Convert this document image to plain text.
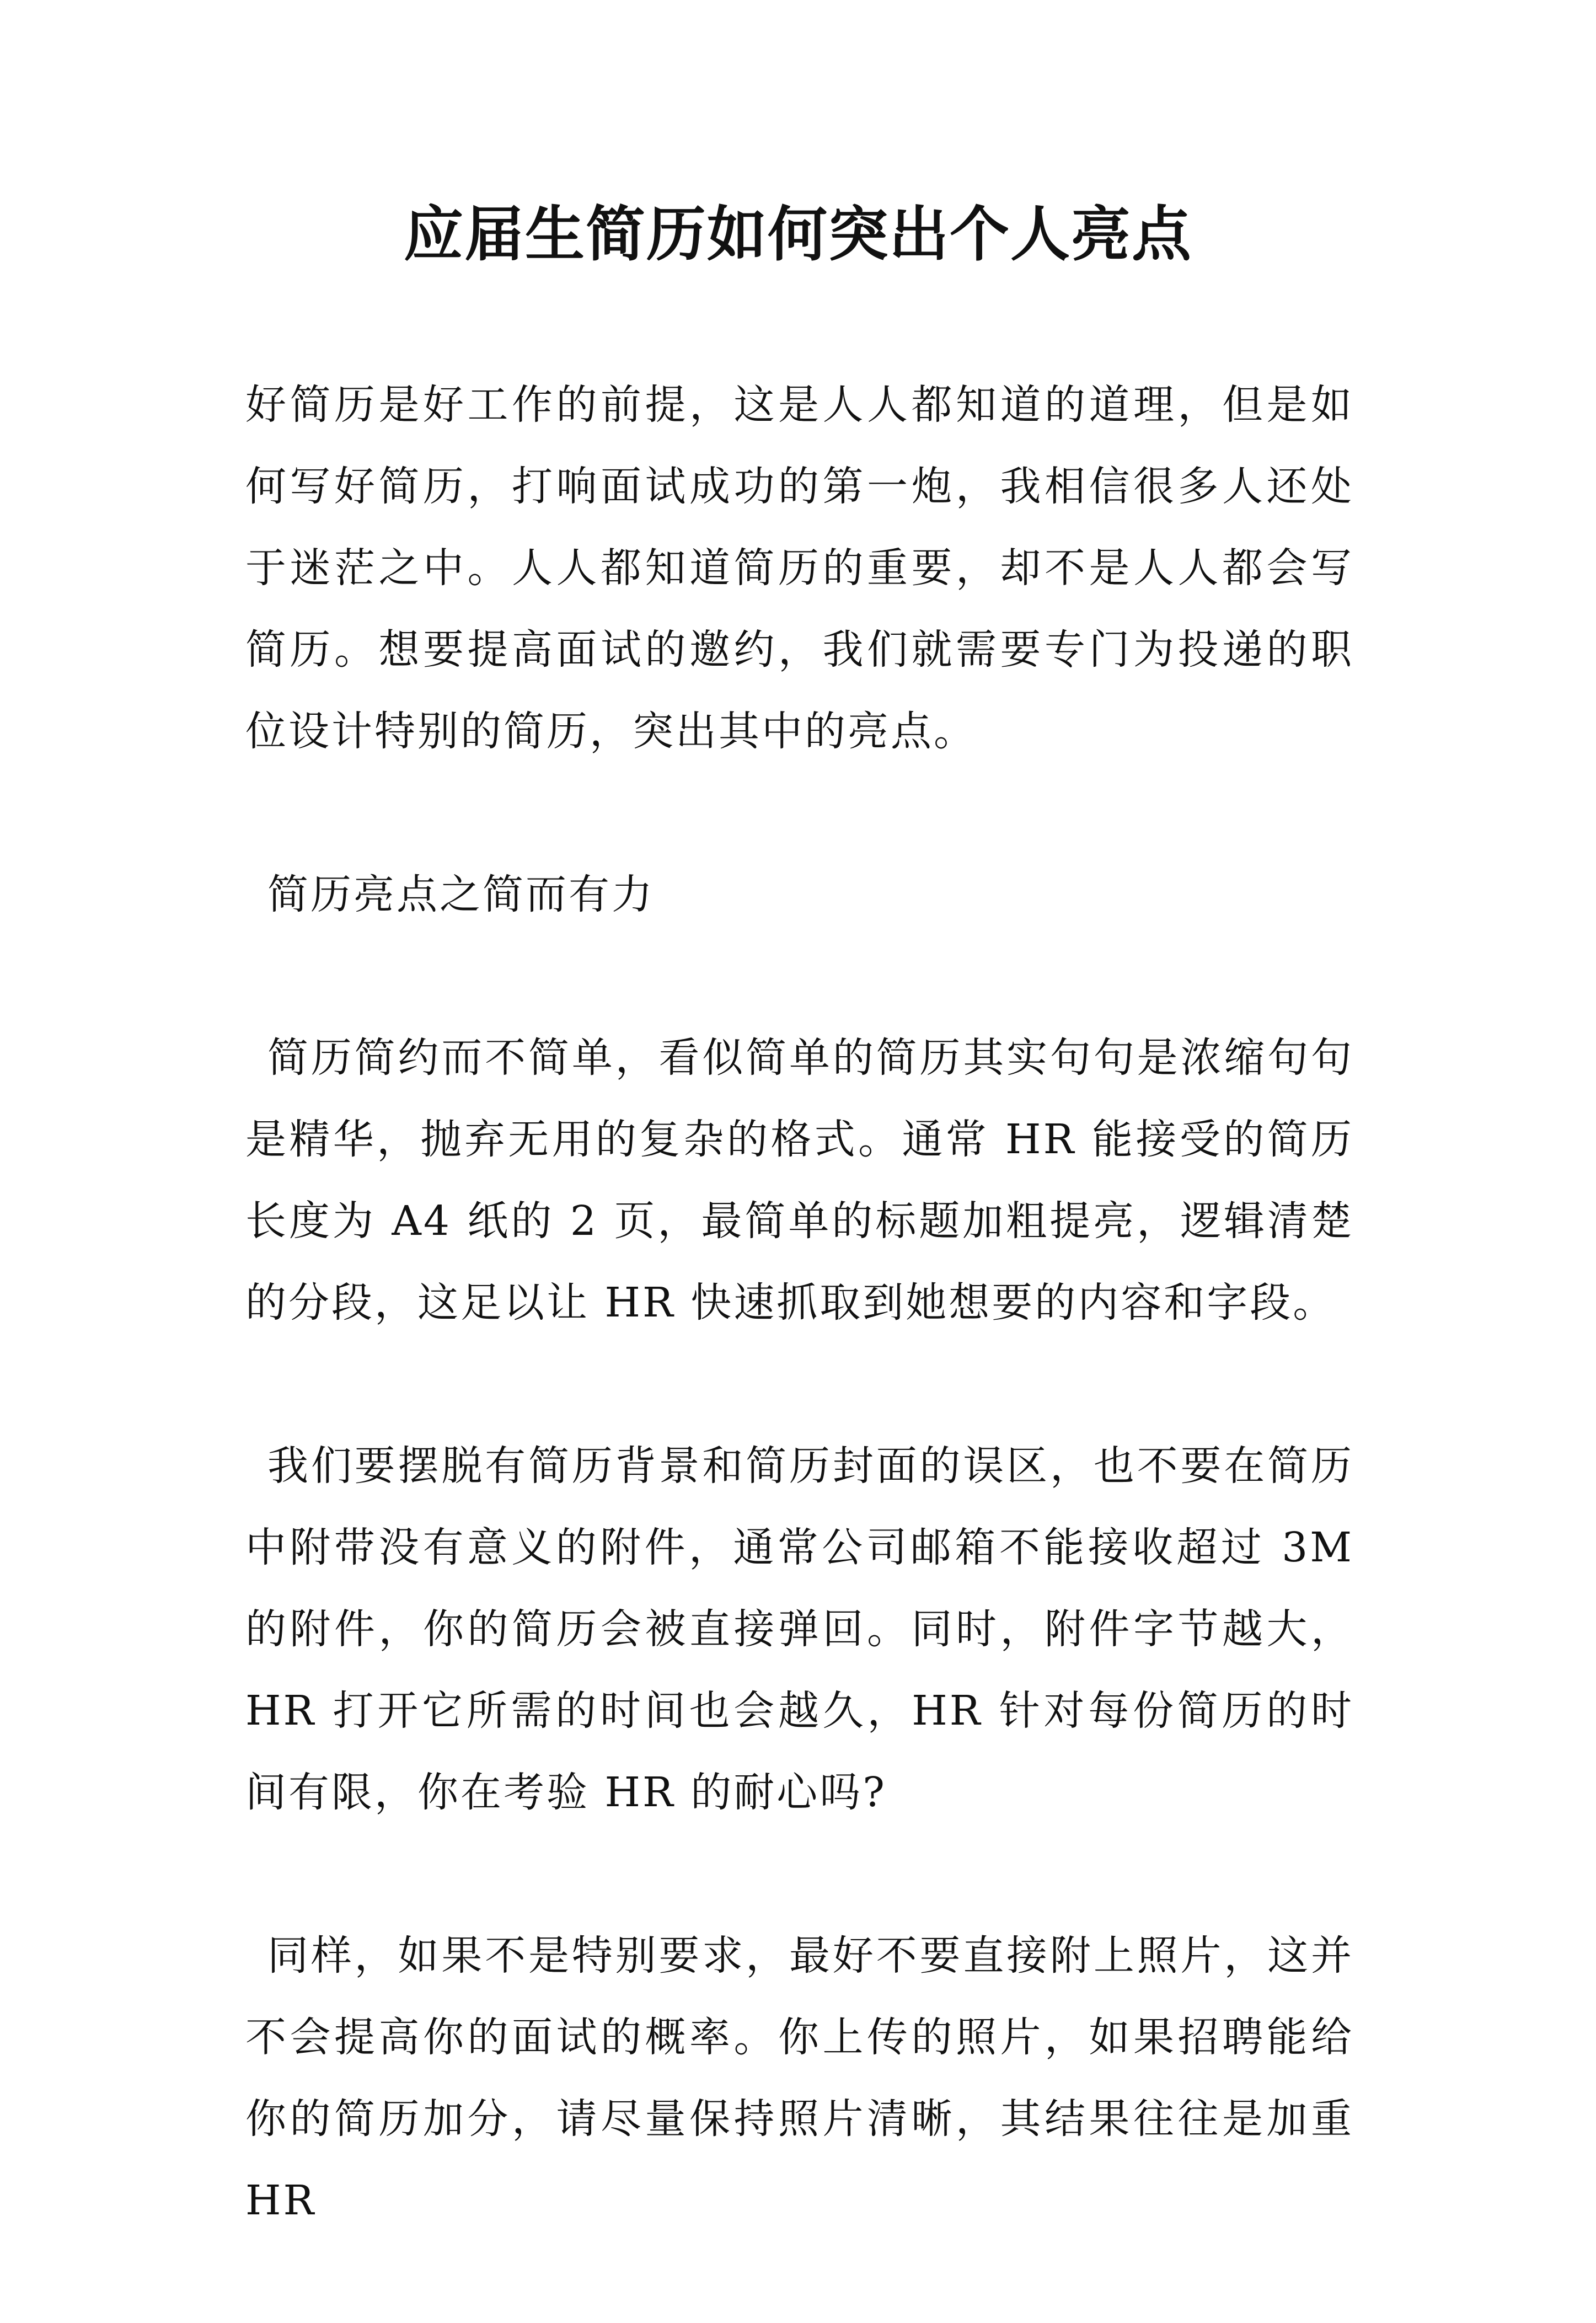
应届生简历如何突出个人亮点

好简历是好工作的前提，这是人人都知道的道理，但是如何写好简历，打响面试成功的第一炮，我相信很多人还处于迷茫之中。人人都知道简历的重要，却不是人人都会写简历。想要提高面试的邀约，我们就需要专门为投递的职位设计特别的简历，突出其中的亮点。

简历亮点之简而有力

简历简约而不简单，看似简单的简历其实句句是浓缩句句是精华，抛弃无用的复杂的格式。通常 HR 能接受的简历长度为 A4 纸的 2 页，最简单的标题加粗提亮，逻辑清楚的分段，这足以让 HR 快速抓取到她想要的内容和字段。

我们要摆脱有简历背景和简历封面的误区，也不要在简历中附带没有意义的附件，通常公司邮箱不能接收超过 3M 的附件，你的简历会被直接弹回。同时，附件字节越大，HR 打开它所需的时间也会越久，HR 针对每份简历的时间有限，你在考验 HR 的耐心吗?

同样，如果不是特别要求，最好不要直接附上照片，这并不会提高你的面试的概率。你上传的照片，如果招聘能给你的简历加分，请尽量保持照片清晰，其结果往往是加重 HR
